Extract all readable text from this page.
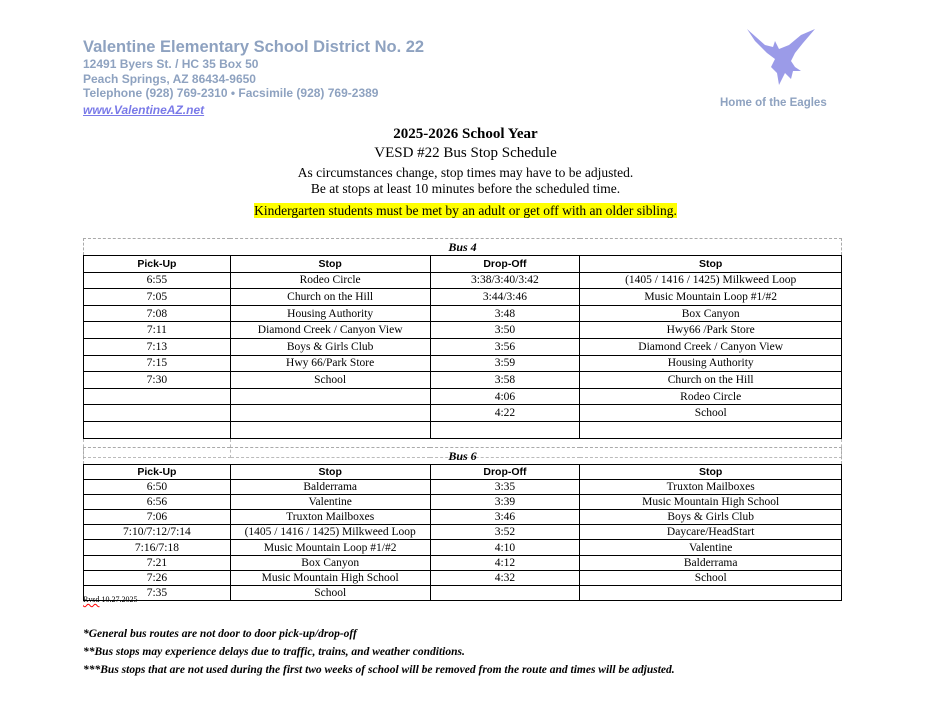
Valentine Elementary School District No. 22
12491 Byers St. / HC 35 Box 50
Peach Springs, AZ 86434-9650
Telephone (928) 769-2310 • Facsimile (928) 769-2389
www.ValentineAZ.net	Home of the Eagles
2025-2026 School Year
VESD #22 Bus Stop Schedule
As circumstances change, stop times may have to be adjusted.
Be at stops at least 10 minutes before the scheduled time.
Kindergarten students must be met by an adult or get off with an older sibling.
Bus 4			
Pick-Up	Stop	Drop-Off	Stop
6:55	Rodeo Circle	3:38/3:40/3:42	(1405 / 1416 / 1425) Milkweed Loop
7:05	Church on the Hill	3:44/3:46	Music Mountain Loop #1/#2
7:08	Housing Authority	3:48	Box Canyon
7:11	Diamond Creek / Canyon View	3:50	Hwy66 /Park Store
7:13	Boys & Girls Club	3:56	Diamond Creek / Canyon View
7:15	Hwy 66/Park Store	3:59	Housing Authority
7:30	School	3:58	Church on the Hill
		4:06	Rodeo Circle
		4:22	School

Bus 6			
Pick-Up	Stop	Drop-Off	Stop
6:50	Balderrama	3:35	Truxton Mailboxes
6:56	Valentine	3:39	Music Mountain High School
7:06	Truxton Mailboxes	3:46	Boys & Girls Club
7:10/7:12/7:14	(1405 / 1416 / 1425) Milkweed Loop	3:52	Daycare/HeadStart
7:16/7:18	Music Mountain Loop #1/#2	4:10	Valentine
7:21	Box Canyon	4:12	Balderrama
7:26	Music Mountain High School	4:32	School
7:35	School		
Rvsd 10.27.2025
*General bus routes are not door to door pick-up/drop-off
**Bus stops may experience delays due to traffic, trains, and weather conditions.
***Bus stops that are not used during the first two weeks of school will be removed from the route and times will be adjusted.
